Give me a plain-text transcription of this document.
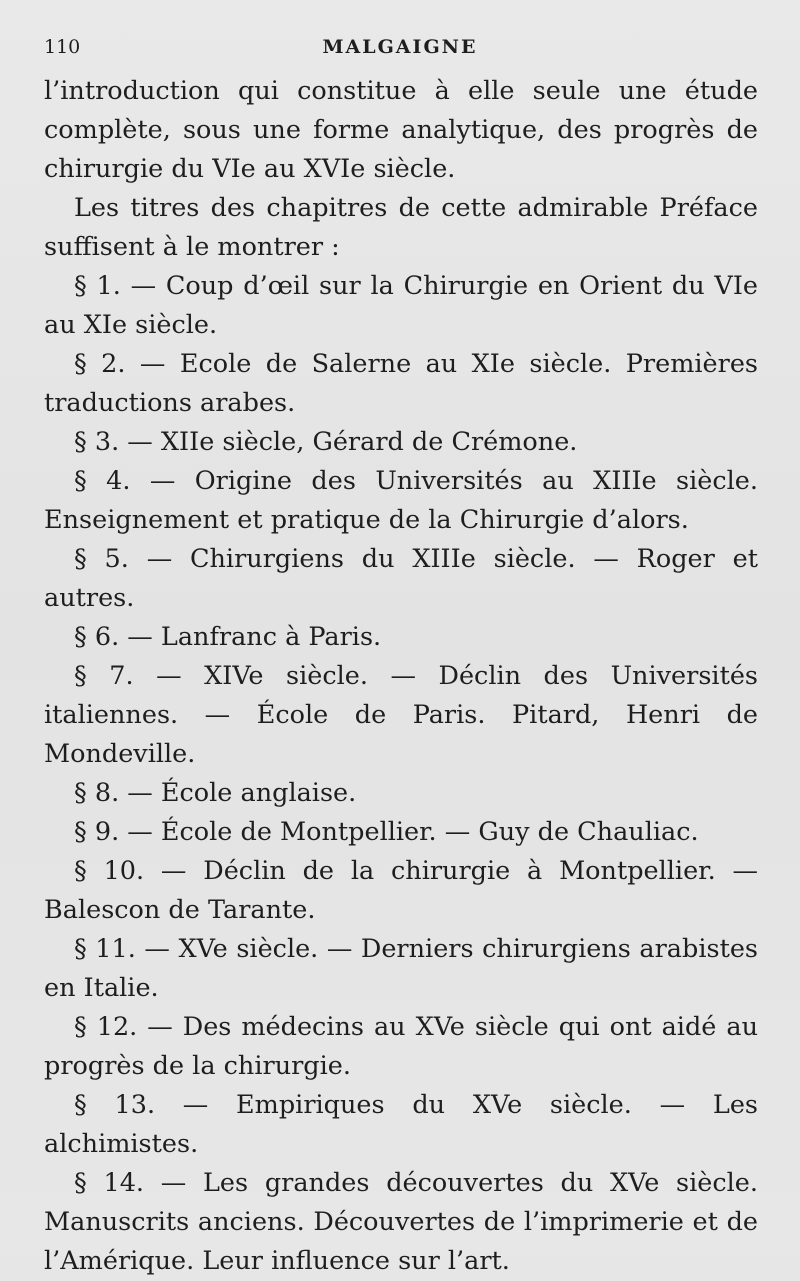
110	MALGAIGNE

l’introduction qui constitue à elle seule une étude complète, sous une forme analytique, des progrès de chirurgie du VIe au XVIe siècle.

Les titres des chapitres de cette admirable Préface suffisent à le montrer :

§ 1. — Coup d’œil sur la Chirurgie en Orient du VIe au XIe siècle.

§ 2. — Ecole de Salerne au XIe siècle. Premières traductions arabes.

§ 3. — XIIe siècle, Gérard de Crémone.

§ 4. — Origine des Universités au XIIIe siècle. Enseignement et pratique de la Chirurgie d’alors.

§ 5. — Chirurgiens du XIIIe siècle. — Roger et autres.

§ 6. — Lanfranc à Paris.

§ 7. — XIVe siècle. — Déclin des Universités italiennes. — École de Paris. Pitard, Henri de Mondeville.

§ 8. — École anglaise.

§ 9. — École de Montpellier. — Guy de Chauliac.

§ 10. — Déclin de la chirurgie à Montpellier. — Balescon de Tarante.

§ 11. — XVe siècle. — Derniers chirurgiens arabistes en Italie.

§ 12. — Des médecins au XVe siècle qui ont aidé au progrès de la chirurgie.

§ 13. — Empiriques du XVe siècle. — Les alchimistes.

§ 14. — Les grandes découvertes du XVe siècle. Manuscrits anciens. Découvertes de l’imprimerie et de l’Amérique. Leur influence sur l’art.
